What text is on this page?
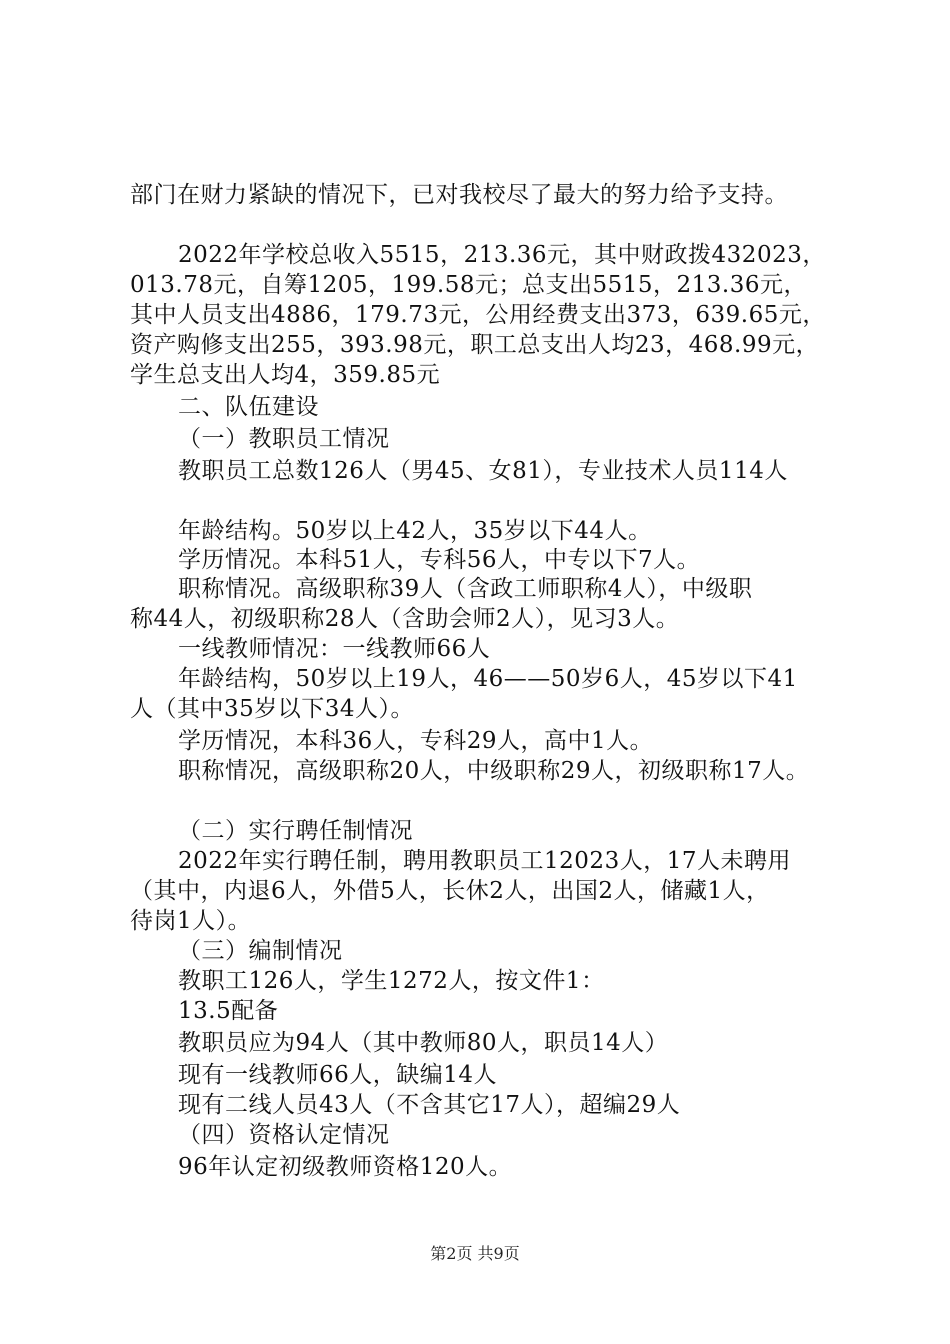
部门在财力紧缺的情况下，已对我校尽了最大的努力给予支持。
2022年学校总收入5515，213.36元，其中财政拨432023，
013.78元，自筹1205，199.58元；总支出5515，213.36元，
其中人员支出4886，179.73元，公用经费支出373，639.65元，
资产购修支出255，393.98元，职工总支出人均23，468.99元，
学生总支出人均4，359.85元
二、队伍建设
（一）教职员工情况
教职员工总数126人（男45、女81），专业技术人员114人
年龄结构。50岁以上42人，35岁以下44人。
学历情况。本科51人，专科56人，中专以下7人。
职称情况。高级职称39人（含政工师职称4人），中级职
称44人，初级职称28人（含助会师2人），见习3人。
一线教师情况：一线教师66人
年龄结构，50岁以上19人，46——50岁6人，45岁以下41
人（其中35岁以下34人）。
学历情况，本科36人，专科29人，高中1人。
职称情况，高级职称20人，中级职称29人，初级职称17人。
（二）实行聘任制情况
2022年实行聘任制，聘用教职员工12023人，17人未聘用
（其中，内退6人，外借5人，长休2人，出国2人，储藏1人，
待岗1人）。
（三）编制情况
教职工126人，学生1272人，按文件1：
13.5配备
教职员应为94人（其中教师80人，职员14人）
现有一线教师66人，缺编14人
现有二线人员43人（不含其它17人），超编29人
（四）资格认定情况
96年认定初级教师资格120人。
第2页 共9页
